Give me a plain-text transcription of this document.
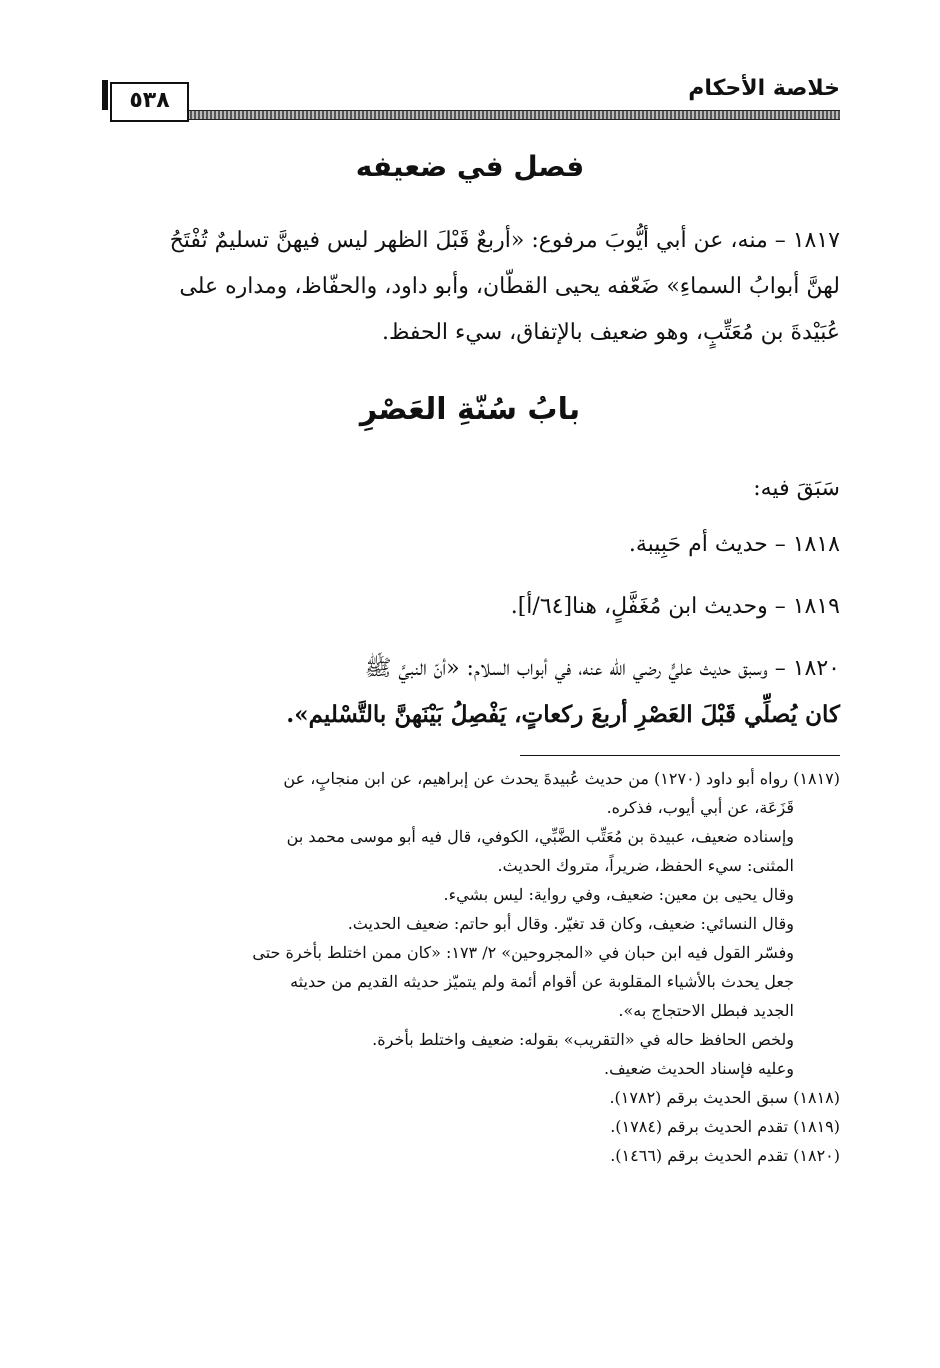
خلاصة الأحكام
٥٣٨
فصل في ضعيفه
١٨١٧ – منه، عن أبي أيُّوبَ مرفوع: «أربعٌ قَبْلَ الظهر ليس فيهنَّ تسليمٌ تُفْتَحُ
لهنَّ أبوابُ السماءِ» ضَعّفه يحيى القطّان، وأبو داود، والحفّاظ، ومداره على
عُبَيْدةَ بن مُعَتِّبٍ، وهو ضعيف بالإتفاق، سيء الحفظ.
بابُ سُنّةِ العَصْرِ
سَبَقَ فيه:
١٨١٨ – حديث أم حَبِيبة.
١٨١٩ – وحديث ابن مُغَفَّلٍ، هنا[٦٤/أ].
١٨٢٠ – وسبق حديث عليٍّ رضي الله عنه، في أبواب السلام: «أنّ النبيَّ ﷺ
كان يُصلِّي قَبْلَ العَصْرِ أربعَ ركعاتٍ، يَفْصِلُ بَيْنَهنَّ بالتَّسْليم».
(١٨١٧) رواه أبو داود (١٢٧٠) من حديث عُبيدةَ يحدث عن إبراهيم، عن ابن منجابٍ، عن
قَزَعَة، عن أبي أيوب، فذكره.
وإسناده ضعيف، عبيدة بن مُعَتِّب الضَّبِّي، الكوفي، قال فيه أبو موسى محمد بن
المثنى: سيء الحفظ، ضريراً، متروك الحديث.
وقال يحيى بن معين: ضعيف، وفي رواية: ليس بشيء.
وقال النسائي: ضعيف، وكان قد تغيّر. وقال أبو حاتم: ضعيف الحديث.
وفسّر القول فيه ابن حبان في «المجروحين» ٢/ ١٧٣: «كان ممن اختلط بأخرة حتى
جعل يحدث بالأشياء المقلوبة عن أقوام أئمة ولم يتميّز حديثه القديم من حديثه
الجديد فبطل الاحتجاج به».
ولخص الحافظ حاله في «التقريب» بقوله: ضعيف واختلط بأخرة.
وعليه فإسناد الحديث ضعيف.
(١٨١٨) سبق الحديث برقم (١٧٨٢).
(١٨١٩) تقدم الحديث برقم (١٧٨٤).
(١٨٢٠) تقدم الحديث برقم (١٤٦٦).
